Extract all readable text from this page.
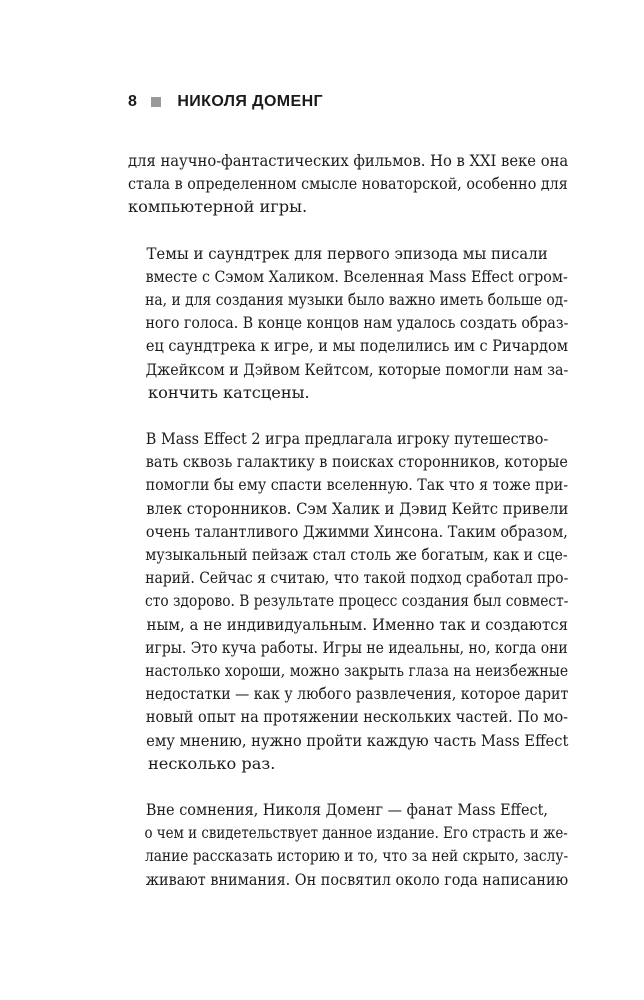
8	НИКОЛЯ ДОМЕНГ

для научно-фантастических фильмов. Но в XXI веке она
стала в определенном смысле новаторской, особенно для
компьютерной игры.

Темы и саундтрек для первого эпизода мы писали
вместе с Сэмом Халиком. Вселенная Mass Effect огром-
на, и для создания музыки было важно иметь больше од-
ного голоса. В конце концов нам удалось создать образ-
ец саундтрека к игре, и мы поделились им с Ричардом
Джейксом и Дэйвом Кейтсом, которые помогли нам за-
кончить катсцены.

В Mass Effect 2 игра предлагала игроку путешество-
вать сквозь галактику в поисках сторонников, которые
помогли бы ему спасти вселенную. Так что я тоже при-
влек сторонников. Сэм Халик и Дэвид Кейтс привели
очень талантливого Джимми Хинсона. Таким образом,
музыкальный пейзаж стал столь же богатым, как и сце-
нарий. Сейчас я считаю, что такой подход сработал про-
сто здорово. В результате процесс создания был совмест-
ным, а не индивидуальным. Именно так и создаются
игры. Это куча работы. Игры не идеальны, но, когда они
настолько хороши, можно закрыть глаза на неизбежные
недостатки — как у любого развлечения, которое дарит
новый опыт на протяжении нескольких частей. По мо-
ему мнению, нужно пройти каждую часть Mass Effect
несколько раз.

Вне сомнения, Николя Доменг — фанат Mass Effect,
о чем и свидетельствует данное издание. Его страсть и же-
лание рассказать историю и то, что за ней скрыто, заслу-
живают внимания. Он посвятил около года написанию
